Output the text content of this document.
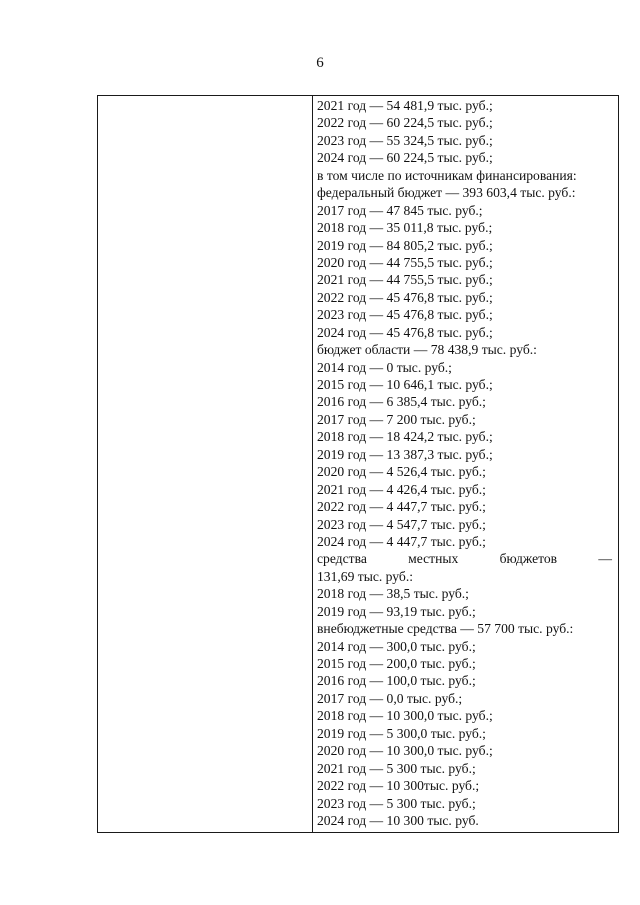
6
2021 год — 54 481,9 тыс. руб.;
2022 год — 60 224,5 тыс. руб.;
2023 год — 55 324,5 тыс. руб.;
2024 год — 60 224,5 тыс. руб.;
в том числе по источникам финансирования:
федеральный бюджет — 393 603,4 тыс. руб.:
2017 год — 47 845 тыс. руб.;
2018 год — 35 011,8 тыс. руб.;
2019 год — 84 805,2 тыс. руб.;
2020 год — 44 755,5 тыс. руб.;
2021 год — 44 755,5 тыс. руб.;
2022 год — 45 476,8 тыс. руб.;
2023 год — 45 476,8 тыс. руб.;
2024 год — 45 476,8 тыс. руб.;
бюджет области — 78 438,9 тыс. руб.:
2014 год — 0 тыс. руб.;
2015 год — 10 646,1 тыс. руб.;
2016 год — 6 385,4 тыс. руб.;
2017 год — 7 200 тыс. руб.;
2018 год — 18 424,2 тыс. руб.;
2019 год — 13 387,3 тыс. руб.;
2020 год — 4 526,4 тыс. руб.;
2021 год — 4 426,4 тыс. руб.;
2022 год — 4 447,7 тыс. руб.;
2023 год — 4 547,7 тыс. руб.;
2024 год — 4 447,7 тыс. руб.;
средства	местных	бюджетов	—
131,69 тыс. руб.:
2018 год — 38,5 тыс. руб.;
2019 год — 93,19 тыс. руб.;
внебюджетные средства — 57 700 тыс. руб.:
2014 год — 300,0 тыс. руб.;
2015 год — 200,0 тыс. руб.;
2016 год — 100,0 тыс. руб.;
2017 год — 0,0 тыс. руб.;
2018 год — 10 300,0 тыс. руб.;
2019 год — 5 300,0 тыс. руб.;
2020 год — 10 300,0 тыс. руб.;
2021 год — 5 300 тыс. руб.;
2022 год — 10 300тыс. руб.;
2023 год — 5 300 тыс. руб.;
2024 год — 10 300 тыс. руб.
